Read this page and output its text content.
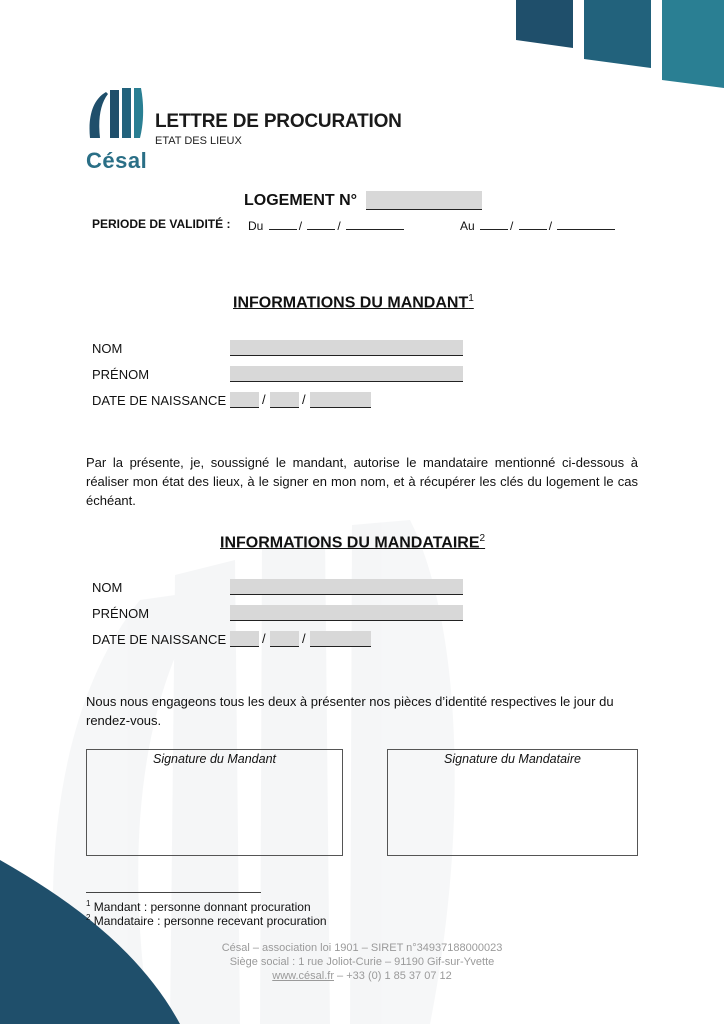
Césal
LETTRE DE PROCURATION
ETAT DES LIEUX
LOGEMENT N°
PERIODE DE VALIDITÉ : Du	/	/	Au	/	/
INFORMATIONS DU MANDANT$^1$
NOM
PRÉNOM
DATE DE NAISSANCE	/	/
Par la présente, je, soussigné le mandant, autorise le mandataire mentionné ci-dessous à réaliser mon état des lieux, à le signer en mon nom, et à récupérer les clés du logement le cas échéant.
INFORMATIONS DU MANDATAIRE$^2$
NOM
PRÉNOM
DATE DE NAISSANCE	/	/
Nous nous engageons tous les deux à présenter nos pièces d’identité respectives le jour du rendez-vous.
Signature du Mandant	Signature du Mandataire
$^1$ Mandant : personne donnant procuration
$^2$ Mandataire : personne recevant procuration
Césal – association loi 1901 – SIRET n°34937188000023
Siège social : 1 rue Joliot-Curie – 91190 Gif-sur-Yvette
www.césal.fr – +33 (0) 1 85 37 07 12
